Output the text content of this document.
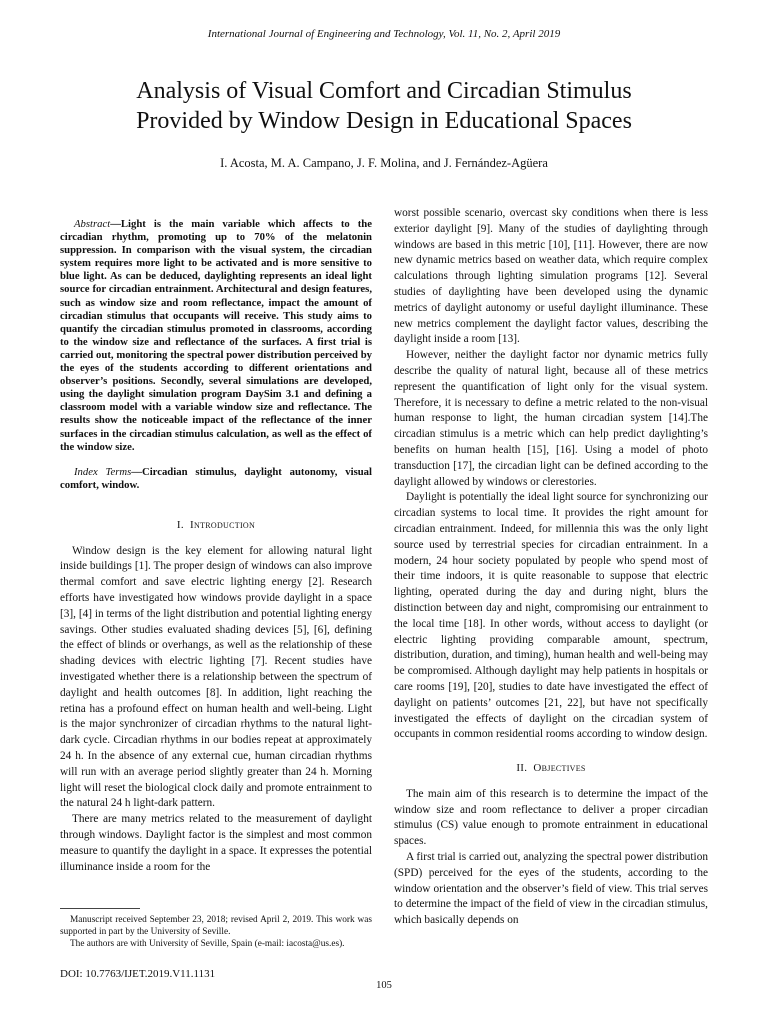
International Journal of Engineering and Technology, Vol. 11, No. 2, April 2019
Analysis of Visual Comfort and Circadian Stimulus
Provided by Window Design in Educational Spaces
I. Acosta, M. A. Campano, J. F. Molina, and J. Fernández-Agüera

Abstract—Light is the main variable which affects to the circadian rhythm, promoting up to 70% of the melatonin suppression. In comparison with the visual system, the circadian system requires more light to be activated and is more sensitive to blue light. As can be deduced, daylighting represents an ideal light source for circadian entrainment. Architectural and design features, such as window size and room reflectance, impact the amount of circadian stimulus that occupants will receive. This study aims to quantify the circadian stimulus promoted in classrooms, according to the window size and reflectance of the surfaces. A first trial is carried out, monitoring the spectral power distribution perceived by the eyes of the students according to different orientations and observer’s positions. Secondly, several simulations are developed, using the daylight simulation program DaySim 3.1 and defining a classroom model with a variable window size and reflectance. The results show the noticeable impact of the reflectance of the inner surfaces in the circadian stimulus calculation, as well as the effect of the window size.

Index Terms—Circadian stimulus, daylight autonomy, visual comfort, window.

I. Introduction

Window design is the key element for allowing natural light inside buildings [1]. The proper design of windows can also improve thermal comfort and save electric lighting energy [2]. Research efforts have investigated how windows provide daylight in a space [3], [4] in terms of the light distribution and potential lighting energy savings. Other studies evaluated shading devices [5], [6], defining the effect of blinds or overhangs, as well as the relationship of these shading devices with electric lighting [7]. Recent studies have investigated whether there is a relationship between the spectrum of daylight and health outcomes [8]. In addition, light reaching the retina has a profound effect on human health and well-being. Light is the major synchronizer of circadian rhythms to the natural light-dark cycle. Circadian rhythms in our bodies repeat at approximately 24 h. In the absence of any external cue, human circadian rhythms will run with an average period slightly greater than 24 h. Morning light will reset the biological clock daily and promote entrainment to the natural 24 h light-dark pattern.

There are many metrics related to the measurement of daylight through windows. Daylight factor is the simplest and most common measure to quantify the daylight in a space. It expresses the potential illuminance inside a room for the

worst possible scenario, overcast sky conditions when there is less exterior daylight [9]. Many of the studies of daylighting through windows are based in this metric [10], [11]. However, there are now new dynamic metrics based on weather data, which require complex calculations through lighting simulation programs [12]. Several studies of daylighting have been developed using the dynamic metrics of daylight autonomy or useful daylight illuminance. These new metrics complement the daylight factor values, describing the daylight inside a room [13].

However, neither the daylight factor nor dynamic metrics fully describe the quality of natural light, because all of these metrics represent the quantification of light only for the visual system. Therefore, it is necessary to define a metric related to the non-visual human response to light, the human circadian system [14].The circadian stimulus is a metric which can help predict daylighting’s benefits on human health [15], [16]. Using a model of photo transduction [17], the circadian light can be defined according to the daylight allowed by windows or clerestories.

Daylight is potentially the ideal light source for synchronizing our circadian systems to local time. It provides the right amount for circadian entrainment. Indeed, for millennia this was the only light source used by terrestrial species for circadian entrainment. In a modern, 24 hour society populated by people who spend most of their time indoors, it is quite reasonable to suppose that electric lighting, operated during the day and during night, blurs the distinction between day and night, compromising our entrainment to the local time [18]. In other words, without access to daylight (or electric lighting providing comparable amount, spectrum, distribution, duration, and timing), human health and well-being may be compromised. Although daylight may help patients in hospitals or care rooms [19], [20], studies to date have investigated the effect of daylight on patients’ outcomes [21, 22], but have not specifically investigated the effects of daylight on the circadian system of occupants in common residential rooms according to window design.

II. Objectives

The main aim of this research is to determine the impact of the window size and room reflectance to deliver a proper circadian stimulus (CS) value enough to promote entrainment in educational spaces.

A first trial is carried out, analyzing the spectral power distribution (SPD) perceived for the eyes of the students, according to the window orientation and the observer’s field of view. This trial serves to determine the impact of the field of view in the circadian stimulus, which basically depends on

Manuscript received September 23, 2018; revised April 2, 2019. This work was supported in part by the University of Seville.

The authors are with University of Seville, Spain (e-mail: iacosta@us.es).

DOI: 10.7763/IJET.2019.V11.1131
105
